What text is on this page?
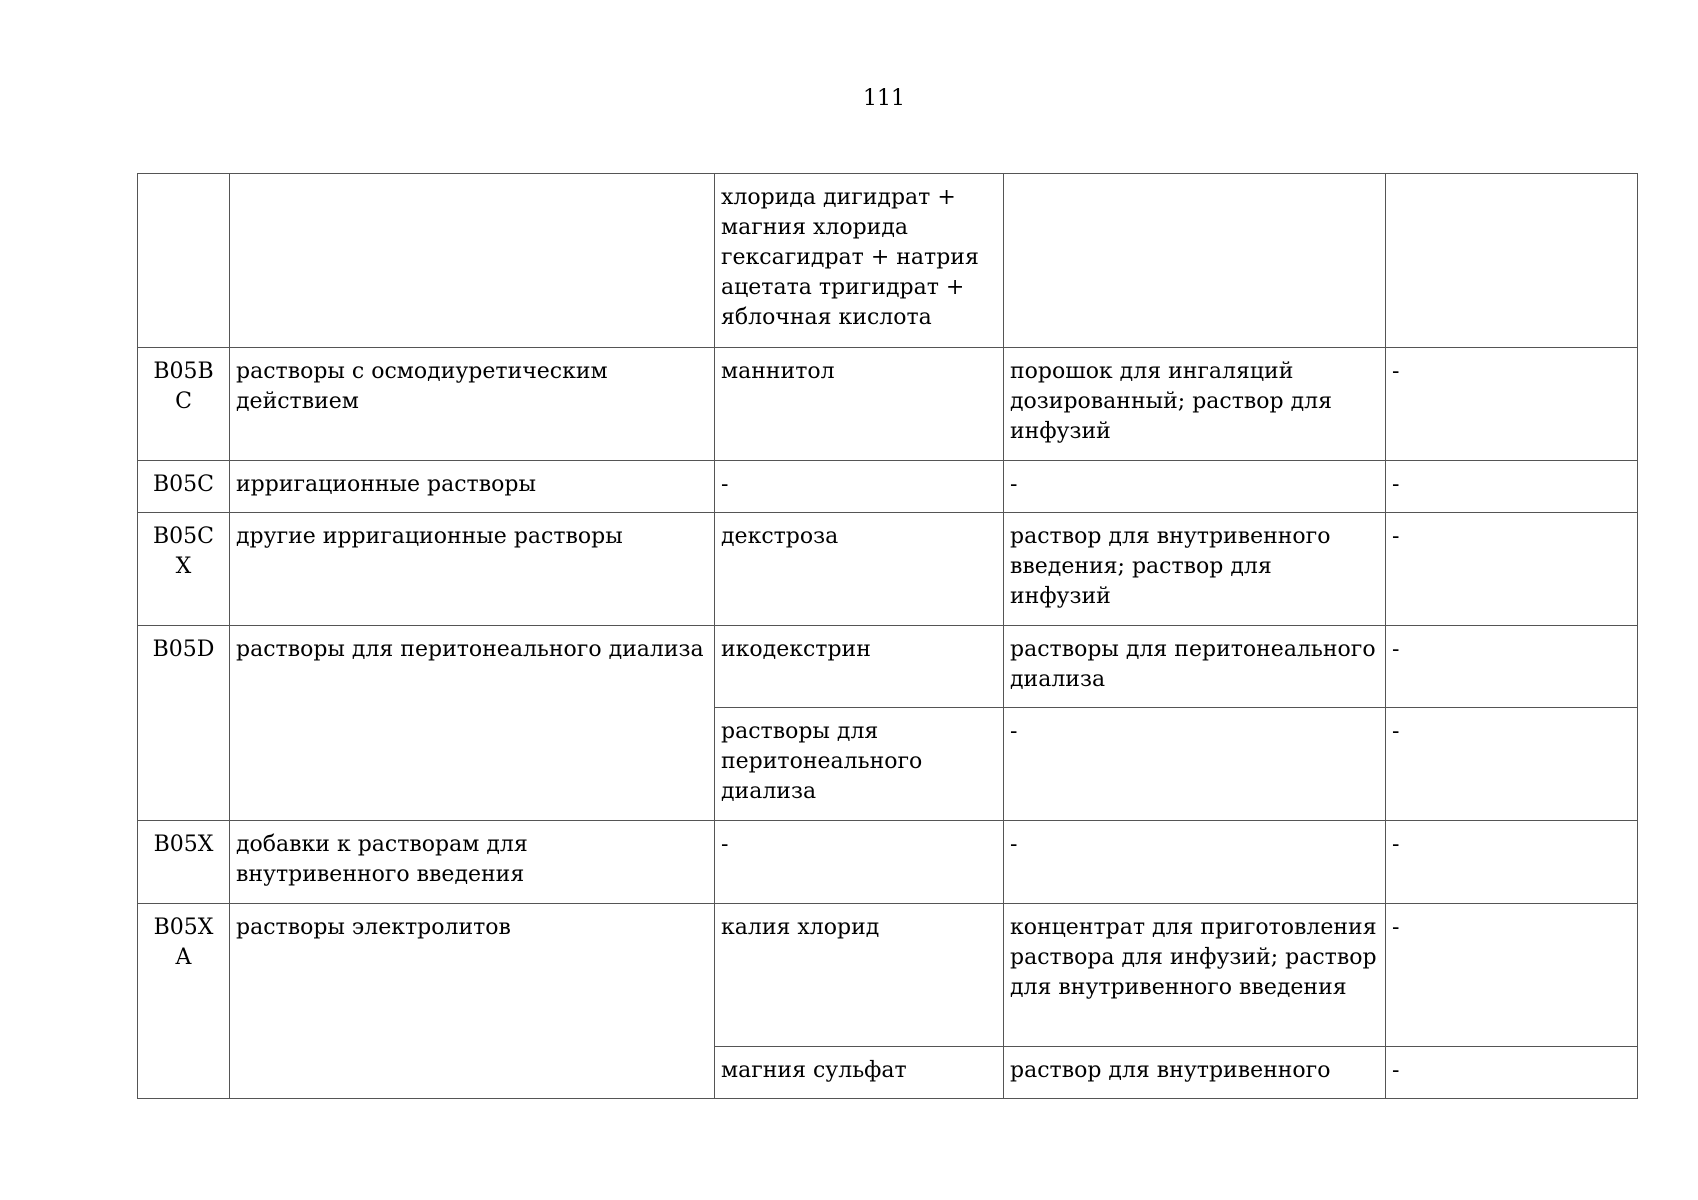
111
		хлорида дигидрат + магния хлорида гексагидрат + натрия ацетата тригидрат + яблочная кислота		
B05B C	растворы с осмодиуретическим действием	маннитол	порошок для ингаляций дозированный; раствор для инфузий	-
B05C	ирригационные растворы	-	-	-
B05C X	другие ирригационные растворы	декстроза	раствор для внутривенного введения; раствор для инфузий	-
B05D	растворы для перитонеального диализа	икодекстрин	растворы для перитонеального диализа	-
		растворы для перитонеального диализа	-	-
B05X	добавки к растворам для внутривенного введения	-	-	-
B05X A	растворы электролитов	калия хлорид	концентрат для приготовления раствора для инфузий; раствор для внутривенного введения	-
		магния сульфат	раствор для внутривенного	-
